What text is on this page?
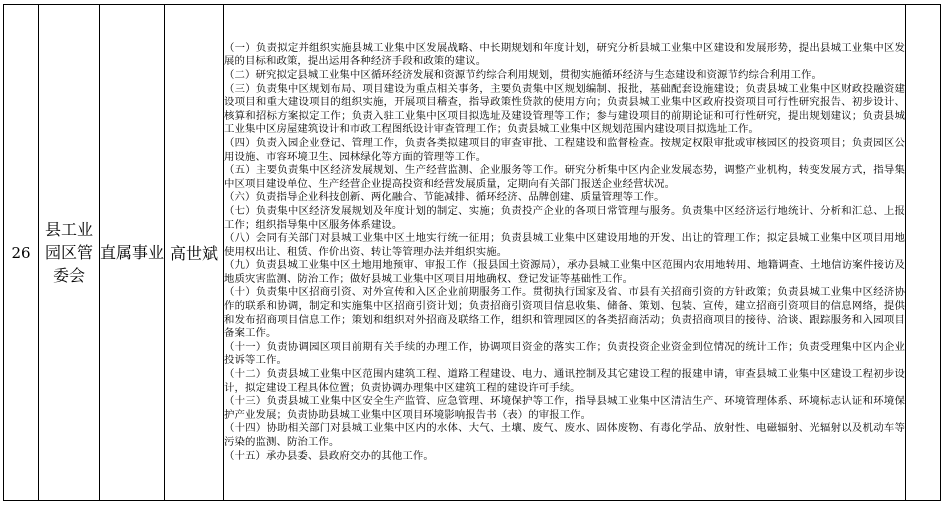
26	县工业园区管委会	直属事业	高世斌	

（一）负责拟定并组织实施县城工业集中区发展战略、中长期规划和年度计划，研究分析县城工业集中区建设和发展形势，提出县城工业集中区发展的目标和政策，提出运用各种经济手段和政策的建议。

（二）研究拟定县城工业集中区循环经济发展和资源节约综合利用规划，贯彻实施循环经济与生态建设和资源节约综合利用工作。

（三）负责集中区规划布局、项目建设为重点相关事务，主要负责集中区规划编制、报批，基础配套设施建设；负责县城工业集中区财政投融资建设项目和重大建设项目的组织实施，开展项目稽查，指导政策性贷款的使用方向；负责县城工业集中区政府投资项目可行性研究报告、初步设计、核算和招标方案拟定工作；负责入驻工业集中区项目拟选址及建设管理等工作；参与建设项目的前期论证和可行性研究，提出规划建议；负责县城工业集中区房屋建筑设计和市政工程图纸设计审查管理工作；负责县城工业集中区规划范围内建设项目拟选址工作。

（四）负责入园企业登记、管理工作，负责各类拟建项目的审查审批、工程建设和监督检查。按规定权限审批或审核园区的投资项目；负责园区公用设施、市容环境卫生、园林绿化等方面的管理等工作。

（五）主要负责集中区经济发展规划、生产经营监测、企业服务等工作。研究分析集中区内企业发展态势，调整产业机构，转变发展方式，指导集中区项目建设单位、生产经营企业提高投资和经营发展质量，定期向有关部门报送企业经营状况。

（六）负责指导企业科技创新、两化融合、节能减排、循环经济、品牌创建、质量管理等工作。

（七）负责集中区经济发展规划及年度计划的制定、实施；负责投产企业的各项日常管理与服务。负责集中区经济运行地统计、分析和汇总、上报工作；组织指导集中区服务体系建设。

（八）会同有关部门对县城工业集中区土地实行统一征用；负责县城工业集中区建设用地的开发、出让的管理工作；拟定县城工业集中区项目用地使用权出让、租赁、作价出资、转让等管理办法并组织实施。

（九）负责县城工业集中区土地用地预审、审报工作（报县国土资源局），承办县城工业集中区范围内农用地转用、地籍调查、土地信访案件接访及地质灾害监测、防治工作；做好县城工业集中区项目用地确权、登记发证等基础性工作。

（十）负责集中区招商引资、对外宣传和入区企业前期服务工作。贯彻执行国家及省、市县有关招商引资的方针政策；负责县城工业集中区经济协作的联系和协调，制定和实施集中区招商引资计划；负责招商引资项目信息收集、储备、策划、包装、宣传，建立招商引资项目的信息网络，提供和发布招商项目信息工作；策划和组织对外招商及联络工作，组织和管理园区的各类招商活动；负责招商项目的接待、洽谈、跟踪服务和入园项目备案工作。

（十一）负责协调园区项目前期有关手续的办理工作，协调项目资金的落实工作；负责投资企业资金到位情况的统计工作；负责受理集中区内企业投诉等工作。

（十二）负责县城工业集中区范围内建筑工程、道路工程建设、电力、通讯控制及其它建设工程的报建申请，审查县城工业集中区建设工程初步设计，拟定建设工程具体位置；负责协调办理集中区建筑工程的建设许可手续。

（十三）负责县城工业集中区安全生产监管、应急管理、环境保护等工作，指导县城工业集中区清洁生产、环境管理体系、环境标志认证和环境保护产业发展；负责协助县城工业集中区项目环境影响报告书（表）的审报工作。

（十四）协助相关部门对县城工业集中区内的水体、大气、土壤、废气、废水、固体废物、有毒化学品、放射性、电磁辐射、光辐射以及机动车等污染的监测、防治工作。

（十五）承办县委、县政府交办的其他工作。
